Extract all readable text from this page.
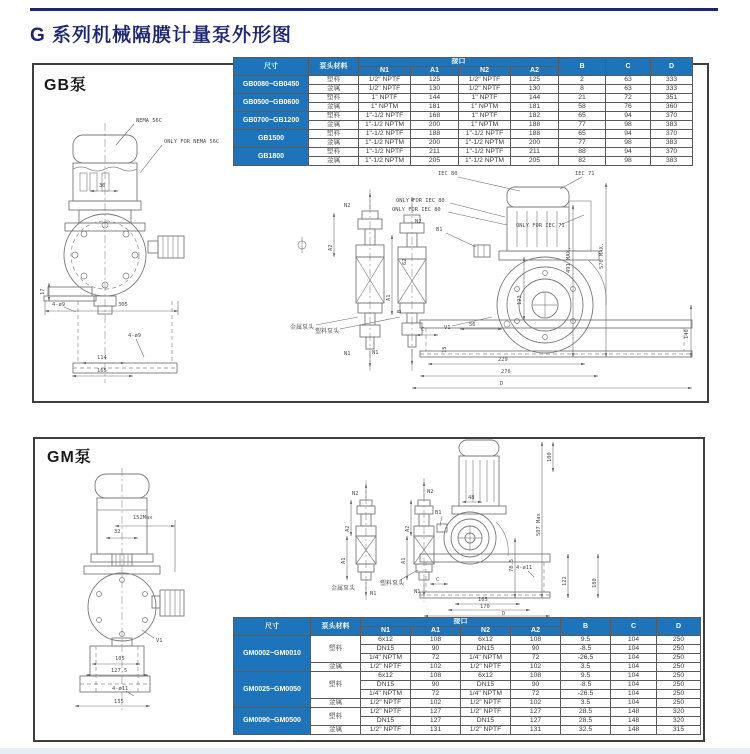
G 系列机械隔膜计量泵外形图
GB泵
30
17
4-ø9	305
4-ø9
114
165
NEMA 56C
ONLY FOR NEMA 56C
N2
N1
A2
金属泵头
N2
N1
A1
B
62
塑料泵头
IEC 80	IEC 71
ONLY FOR IEC 80
ONLY FOR IEC 80
ONLY FOR IEC 71
B1
491 MAX.	570 MAX.
123
140
15
V1	56
C
229
276
D
尺寸	泵头材料	接口				B	C	D
		N1	A1	N2	A2			
GB0080~GB0450	塑料	1/2" NPTF	125	1/2" NPTF	125	2	63	333
	金属	1/2" NPTF	130	1/2" NPTF	130	8	63	333
GB0500~GB0600	塑料	1" NPTF	144	1" NPTF	144	21	72	351
	金属	1" NPTM	181	1" NPTM	181	58	76	360
GB0700~GB1200	塑料	1"-1/2 NPTF	168	1" NPTF	182	65	94	370
	金属	1"-1/2 NPTM	200	1" NPTM	188	77	98	383
GB1500	塑料	1"-1/2 NPTF	188	1"-1/2 NPTF	188	65	94	370
	金属	1"-1/2 NPTM	200	1"-1/2 NPTM	200	77	98	383
GB1800	塑料	1"-1/2 NPTF	211	1"-1/2 NPTF	211	88	94	370
	金属	1"-1/2 NPTM	205	1"-1/2 NPTM	205	82	98	383
GM泵
152Max
32
V1
105
127.5
4-ø11
135
N2
A2
A1
金属泵头
N1
N2
A2
A1
B1
塑料泵头
N1
C
48
4-ø11
122	180
507 Max
100
78.5
105
170
D
尺寸	泵头材料	接口				B	C	D
		N1	A1	N2	A2			
GM0002~GM0010	塑料	6x12	108	6x12	108	9.5	104	250
		DN15	90	DN15	90	-8.5	104	250
		1/4" NPTM	72	1/4" NPTM	72	-26.5	104	250
	金属	1/2" NPTF	102	1/2" NPTF	102	3.5	104	250
GM0025~GM0050	塑料	6x12	108	6x12	108	9.5	104	250
		DN15	90	DN15	90	-8.5	104	250
		1/4" NPTM	72	1/4" NPTM	72	-26.5	104	250
	金属	1/2" NPTF	102	1/2" NPTF	102	3.5	104	250
GM0090~GM0500	塑料	1/2" NPTF	127	1/2" NPTF	127	28.5	148	320
		DN15	127	DN15	127	28.5	148	320
	金属	1/2" NPTF	131	1/2" NPTF	131	32.5	148	315
